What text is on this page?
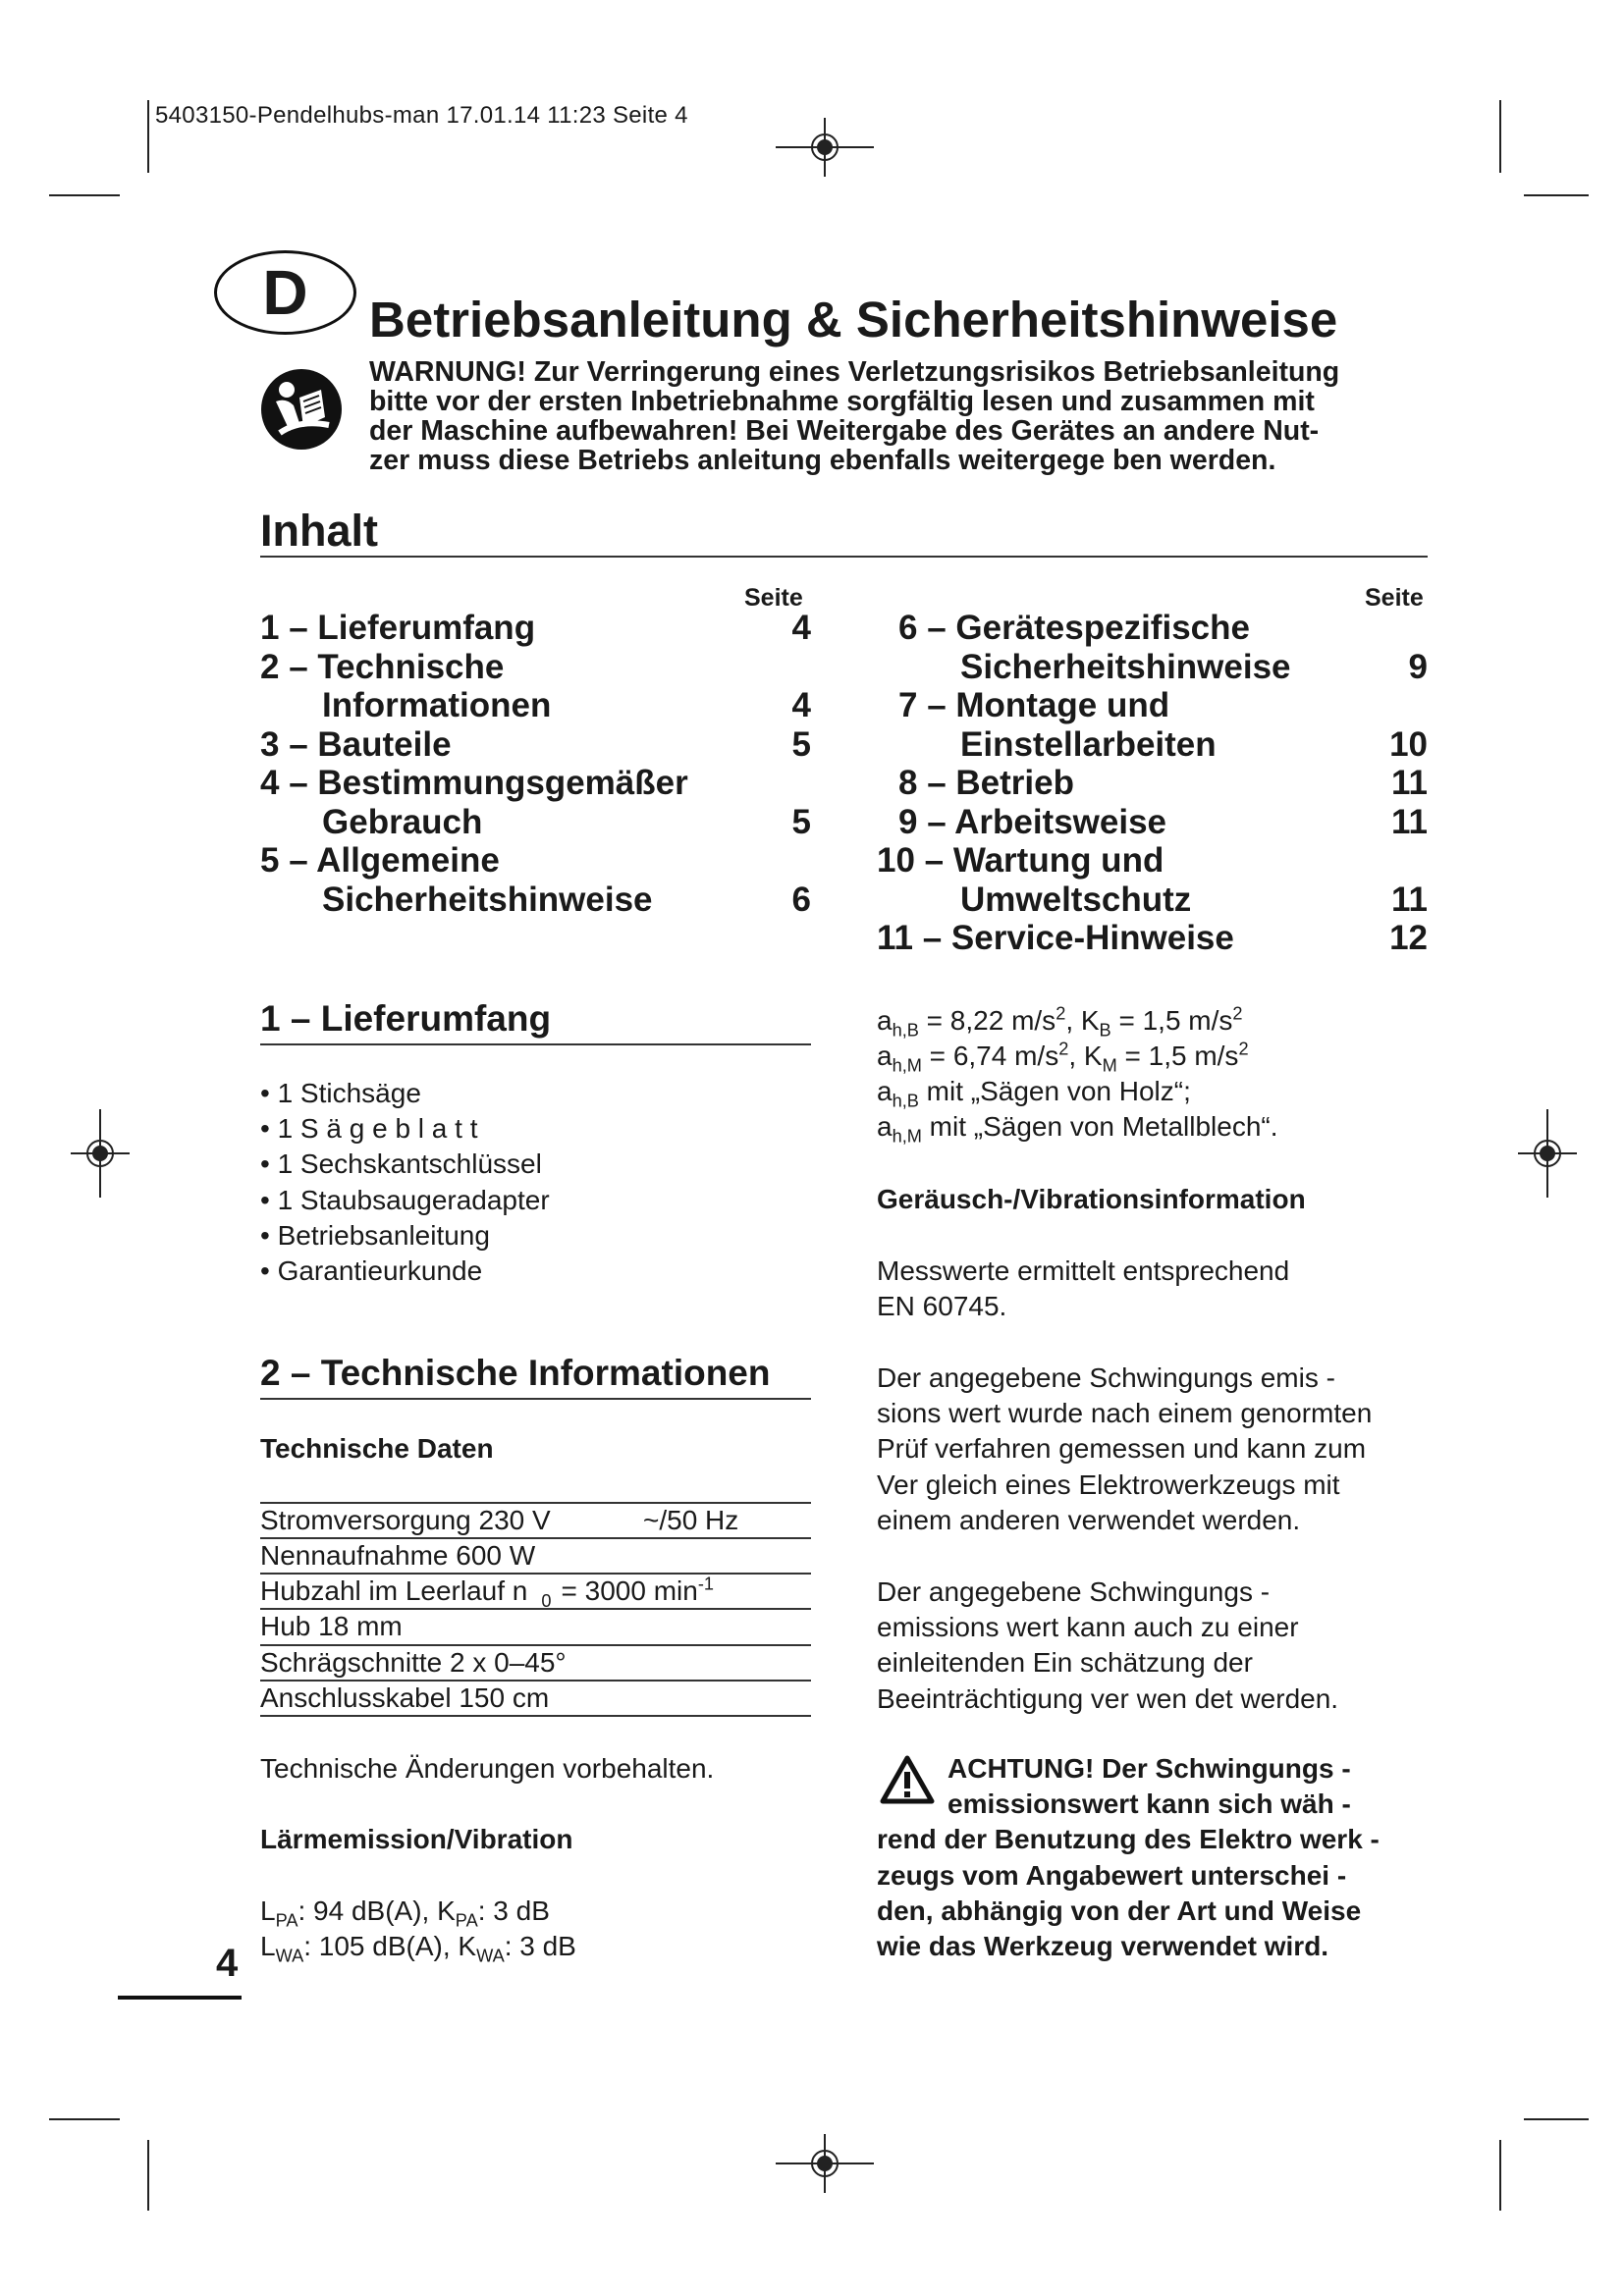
5403150-Pendelhubs-man 17.01.14 11:23 Seite 4
D	Betriebsanleitung & Sicherheitshinweise
WARNUNG! Zur Verringerung eines Verletzungsrisikos Betriebsanleitung
bitte vor der ersten Inbetriebnahme sorgfältig lesen und zusammen mit
der Maschine aufbewahren! Bei Weitergabe des Gerätes an andere Nut-
zer muss diese Betriebs anleitung ebenfalls weitergege ben werden.
Inhalt
Seite	Seite
1 – Lieferumfang	4
2 – Technische
Informationen	4
3 – Bauteile	5
4 – Bestimmungsgemäßer
Gebrauch	5
5 – Allgemeine
Sicherheitshinweise	6
6 – Gerätespezifische
Sicherheitshinweise	9
7 – Montage und
Einstellarbeiten	10
8 – Betrieb	11
9 – Arbeitsweise	11
10 – Wartung und
Umweltschutz	11
11 – Service-Hinweise	12
1 – Lieferumfang
• 1 Stichsäge
• 1 S ä g e b l a t t
• 1 Sechskantschlüssel
• 1 Staubsaugeradapter
• Betriebsanleitung
• Garantieurkunde
2 – Technische Informationen
Technische Daten
Stromversorgung 230 V	~/50 Hz
Nennaufnahme 600 W
Hubzahl im Leerlauf n $_0$ = 3000 $\min^{-1}$
Hub 18 mm
Schrägschnitte 2 x 0–45°
Anschlusskabel 150 cm
Technische Änderungen vorbehalten.
Lärmemission/Vibration
$L_{PA}$: 94 dB(A), $K_{PA}$: 3 dB
$L_{WA}$: 105 dB(A), $K_{WA}$: 3 dB
$a_{h,B} = 8,22$ $m/s^2$, $K_B = 1,5$ $m/s^2$
$a_{h,M} = 6,74$ $m/s^2$, $K_M = 1,5$ $m/s^2$
$a_{h,B}$ mit „Sägen von Holz“;
$a_{h,M}$ mit „Sägen von Metallblech“.
Geräusch-/Vibrationsinformation
Messwerte ermittelt entsprechend
EN 60745.
Der angegebene Schwingungs emis -
sions wert wurde nach einem genormten
Prüf verfahren gemessen und kann zum
Ver gleich eines Elektrowerkzeugs mit
einem anderen verwendet werden.
Der angegebene Schwingungs -
emissions wert kann auch zu einer
einleitenden Ein schätzung der
Beeinträchtigung ver wen det werden.
ACHTUNG! Der Schwingungs -
emissionswert kann sich wäh -
rend der Benutzung des Elektro werk -
zeugs vom Angabewert unterschei -
den, abhängig von der Art und Weise
wie das Werkzeug verwendet wird.
4
